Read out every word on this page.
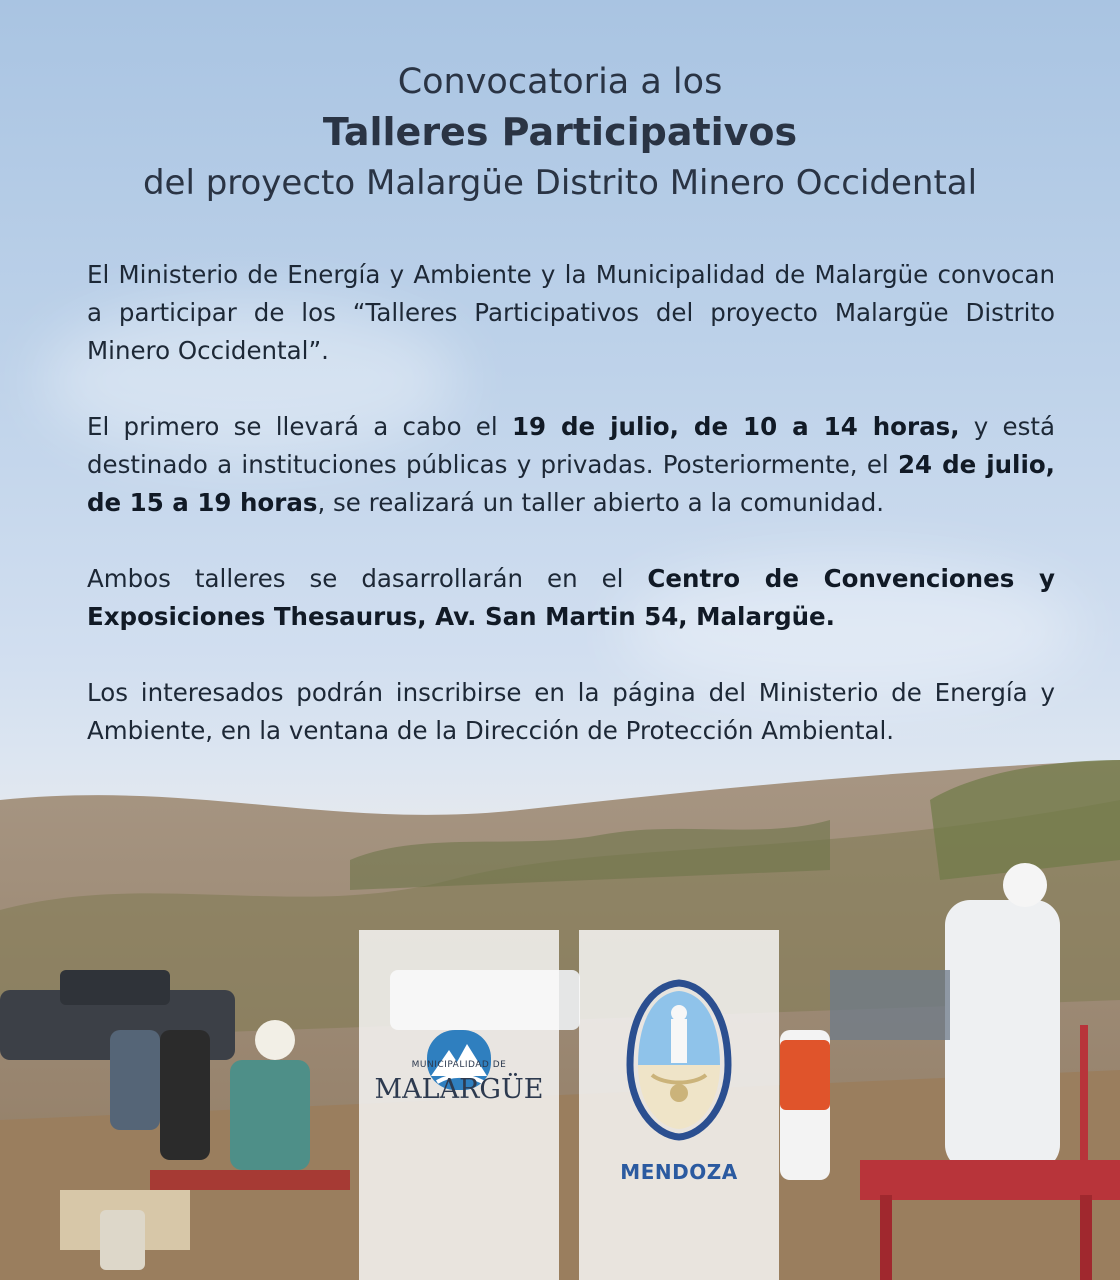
Convocatoria a los
Talleres Participativos
del proyecto Malargüe Distrito Minero Occidental
El Ministerio de Energía y Ambiente y la Municipalidad de Malargüe convocan a participar de los “Talleres Participativos del proyecto Malargüe Distrito Minero Occidental”.
El primero se llevará a cabo el 19 de julio, de 10 a 14 horas, y está destinado a instituciones públicas y privadas. Posteriormente, el 24 de julio, de 15 a 19 horas, se realizará un taller abierto a la comunidad.
Ambos talleres se dasarrollarán en el Centro de Convenciones y Exposiciones Thesaurus, Av. San Martin 54, Malargüe.
Los interesados podrán inscribirse en la página del Ministerio de Energía y Ambiente, en la ventana de la Dirección de Protección Ambiental.
MUNICIPALIDAD DE
MALARGÜE
MENDOZA
